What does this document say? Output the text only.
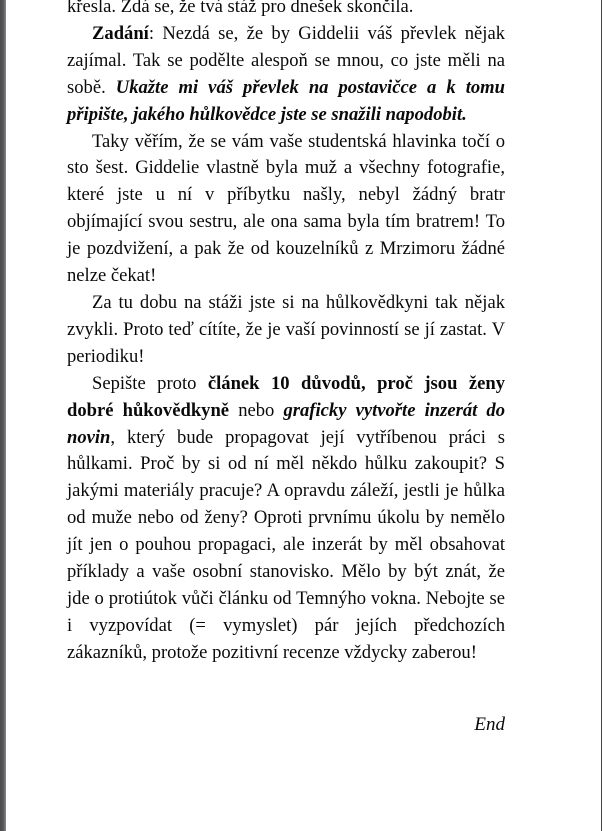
křesla. Zdá se, že tvá stáž pro dnešek skončila.

Zadání: Nezdá se, že by Giddelii váš převlek nějak zajímal. Tak se podělte alespoň se mnou, co jste měli na sobě. Ukažte mi váš převlek na postavičce a k tomu připište, jakého hůlkovědce jste se snažili napodobit.

Taky věřím, že se vám vaše studentská hlavinka točí o sto šest. Giddelie vlastně byla muž a všechny fotografie, které jste u ní v příbytku našly, nebyl žádný bratr objímající svou sestru, ale ona sama byla tím bratrem! To je pozdvižení, a pak že od kouzelníků z Mrzimoru žádné nelze čekat!

Za tu dobu na stáži jste si na hůlkovědkyni tak nějak zvykli. Proto teď cítíte, že je vaší povinností se jí zastat. V periodiku!

Sepište proto článek 10 důvodů, proč jsou ženy dobré hůkovědkyně nebo graficky vytvořte inzerát do novin, který bude propagovat její vytříbenou práci s hůlkami. Proč by si od ní měl někdo hůlku zakoupit? S jakými materiály pracuje? A opravdu záleží, jestli je hůlka od muže nebo od ženy? Oproti prvnímu úkolu by nemělo jít jen o pouhou propagaci, ale inzerát by měl obsahovat příklady a vaše osobní stanovisko. Mělo by být znát, že jde o protiútok vůči článku od Temnýho vokna. Nebojte se i vyzpovídat (= vymyslet) pár jejích předchozích zákazníků, protože pozitivní recenze vždycky zaberou!

End
